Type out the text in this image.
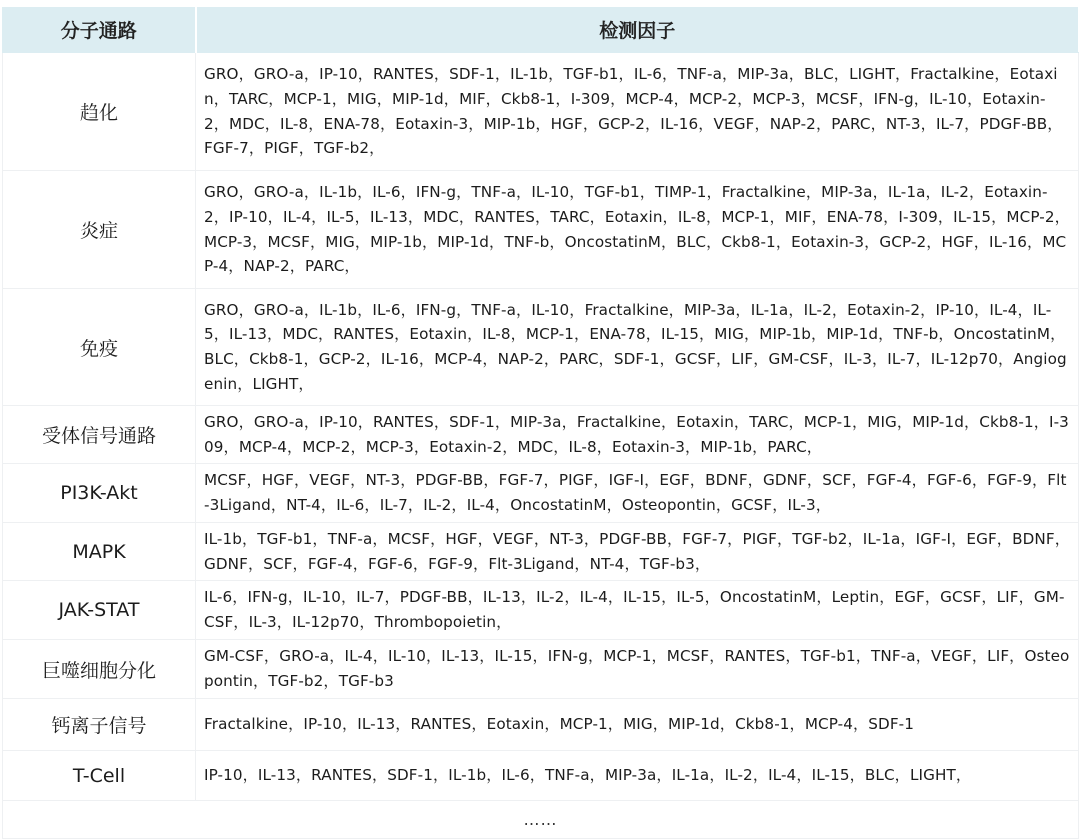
分子通路	检测因子
趋化	GRO，GRO-a，IP-10，RANTES，SDF-1，IL-1b，TGF-b1，IL-6，TNF-a，MIP-3a，BLC，LIGHT，Fractalkine，Eotaxin，TARC，MCP-1，MIG，MIP-1d，MIF，Ckb8-1，I-309，MCP-4，MCP-2，MCP-3，MCSF，IFN-g，IL-10，Eotaxin-2，MDC，IL-8，ENA-78，Eotaxin-3，MIP-1b，HGF，GCP-2，IL-16，VEGF，NAP-2，PARC，NT-3，IL-7，PDGF-BB，FGF-7，PIGF，TGF-b2，
炎症	GRO，GRO-a，IL-1b，IL-6，IFN-g，TNF-a，IL-10，TGF-b1，TIMP-1，Fractalkine，MIP-3a，IL-1a，IL-2，Eotaxin-2，IP-10，IL-4，IL-5，IL-13，MDC，RANTES，TARC，Eotaxin，IL-8，MCP-1，MIF，ENA-78，I-309，IL-15，MCP-2，MCP-3，MCSF，MIG，MIP-1b，MIP-1d，TNF-b，OncostatinM，BLC，Ckb8-1，Eotaxin-3，GCP-2，HGF，IL-16，MCP-4，NAP-2，PARC，
免疫	GRO，GRO-a，IL-1b，IL-6，IFN-g，TNF-a，IL-10，Fractalkine，MIP-3a，IL-1a，IL-2，Eotaxin-2，IP-10，IL-4，IL-5，IL-13，MDC，RANTES，Eotaxin，IL-8，MCP-1，ENA-78，IL-15，MIG，MIP-1b，MIP-1d，TNF-b，OncostatinM，BLC，Ckb8-1，GCP-2，IL-16，MCP-4，NAP-2，PARC，SDF-1，GCSF，LIF，GM-CSF，IL-3，IL-7，IL-12p70，Angiogenin，LIGHT，
受体信号通路	GRO，GRO-a，IP-10，RANTES，SDF-1，MIP-3a，Fractalkine，Eotaxin，TARC，MCP-1，MIG，MIP-1d，Ckb8-1，I-309，MCP-4，MCP-2，MCP-3，Eotaxin-2，MDC，IL-8，Eotaxin-3，MIP-1b，PARC，
PI3K-Akt	MCSF，HGF，VEGF，NT-3，PDGF-BB，FGF-7，PIGF，IGF-I，EGF，BDNF，GDNF，SCF，FGF-4，FGF-6，FGF-9，Flt-3Ligand，NT-4，IL-6，IL-7，IL-2，IL-4，OncostatinM，Osteopontin，GCSF，IL-3，
MAPK	IL-1b，TGF-b1，TNF-a，MCSF，HGF，VEGF，NT-3，PDGF-BB，FGF-7，PIGF，TGF-b2，IL-1a，IGF-I，EGF，BDNF，GDNF，SCF，FGF-4，FGF-6，FGF-9，Flt-3Ligand，NT-4，TGF-b3，
JAK-STAT	IL-6，IFN-g，IL-10，IL-7，PDGF-BB，IL-13，IL-2，IL-4，IL-15，IL-5，OncostatinM，Leptin，EGF，GCSF，LIF，GM-CSF，IL-3，IL-12p70，Thrombopoietin，
巨噬细胞分化	GM-CSF，GRO-a，IL-4，IL-10，IL-13，IL-15，IFN-g，MCP-1，MCSF，RANTES，TGF-b1，TNF-a，VEGF，LIF，Osteopontin，TGF-b2，TGF-b3
钙离子信号	Fractalkine，IP-10，IL-13，RANTES，Eotaxin，MCP-1，MIG，MIP-1d，Ckb8-1，MCP-4，SDF-1
T-Cell	IP-10，IL-13，RANTES，SDF-1，IL-1b，IL-6，TNF-a，MIP-3a，IL-1a，IL-2，IL-4，IL-15，BLC，LIGHT，
……	
